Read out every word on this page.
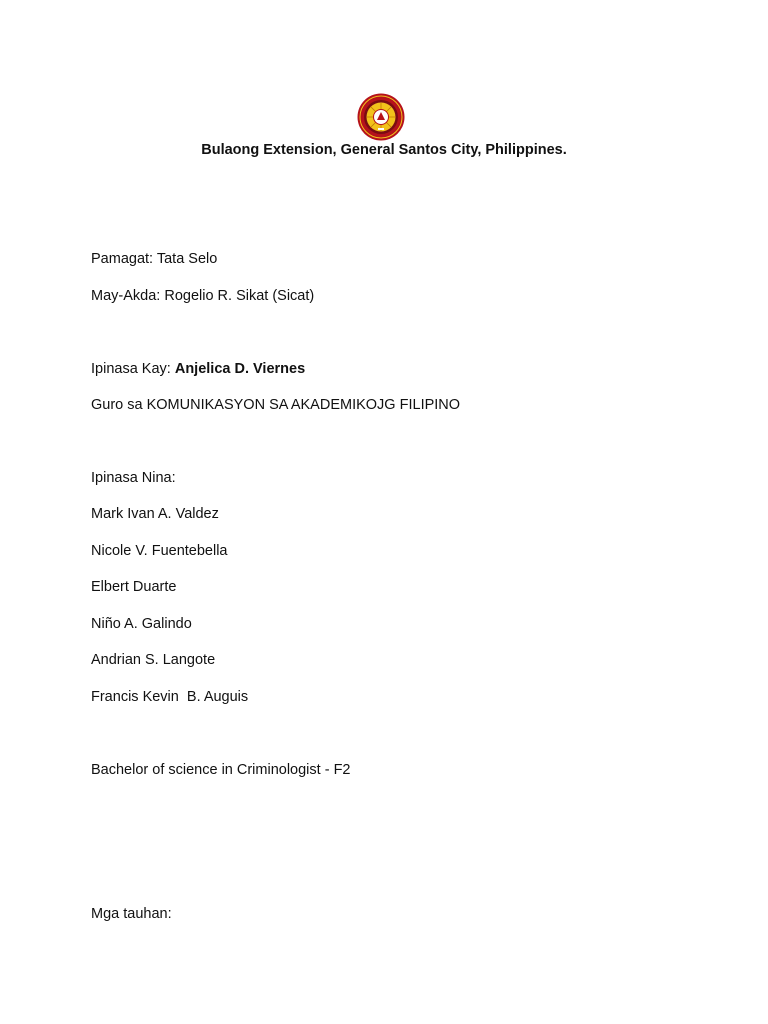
Bulaong Extension, General Santos City, Philippines.
Pamagat: Tata Selo
May-Akda: Rogelio R. Sikat (Sicat)
Ipinasa Kay: Anjelica D. Viernes
Guro sa KOMUNIKASYON SA AKADEMIKOJG FILIPINO
Ipinasa Nina:
Mark Ivan A. Valdez
Nicole V. Fuentebella
Elbert Duarte
Niño A. Galindo
Andrian S. Langote
Francis Kevin  B. Auguis
Bachelor of science in Criminologist - F2
Mga tauhan:
